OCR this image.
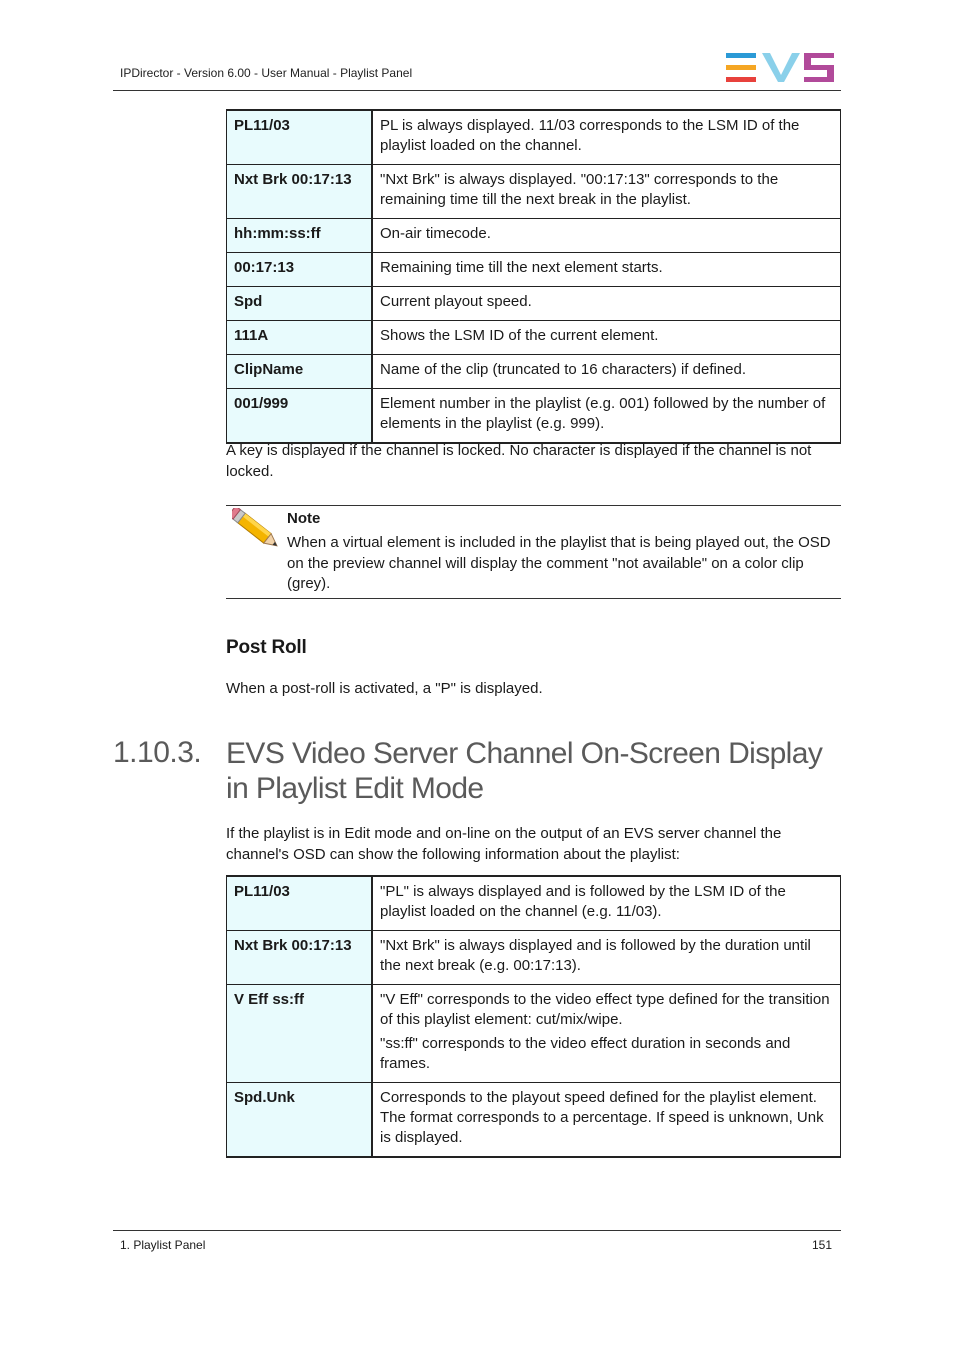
IPDirector - Version 6.00 - User Manual - Playlist Panel
PL11/03	PL is always displayed. 11/03 corresponds to the LSM ID of the playlist loaded on the channel.
Nxt Brk 00:17:13	"Nxt Brk" is always displayed. "00:17:13" corresponds to the remaining time till the next break in the playlist.
hh:mm:ss:ff	On-air timecode.
00:17:13	Remaining time till the next element starts.
Spd	Current playout speed.
111A	Shows the LSM ID of the current element.
ClipName	Name of the clip (truncated to 16 characters) if defined.
001/999	Element number in the playlist (e.g. 001) followed by the number of elements in the playlist (e.g. 999).
A key is displayed if the channel is locked. No character is displayed if the channel is not locked.
Note
When a virtual element is included in the playlist that is being played out, the OSD on the preview channel will display the comment "not available" on a color clip (grey).
Post Roll
When a post-roll is activated, a "P" is displayed.
1.10.3. EVS Video Server Channel On-Screen Display in Playlist Edit Mode
If the playlist is in Edit mode and on-line on the output of an EVS server channel the channel's OSD can show the following information about the playlist:
PL11/03	"PL" is always displayed and is followed by the LSM ID of the playlist loaded on the channel (e.g. 11/03).

Nxt Brk 00:17:13	"Nxt Brk" is always displayed and is followed by the duration until the next break (e.g. 00:17:13).

V Eff ss:ff	"V Eff" corresponds to the video effect type defined for the transition of this playlist element: cut/mix/wipe.
"ss:ff" corresponds to the video effect duration in seconds and frames.

Spd.Unk	Corresponds to the playout speed defined for the playlist element. The format corresponds to a percentage. If speed is unknown, Unk is displayed.
1. Playlist Panel	151
